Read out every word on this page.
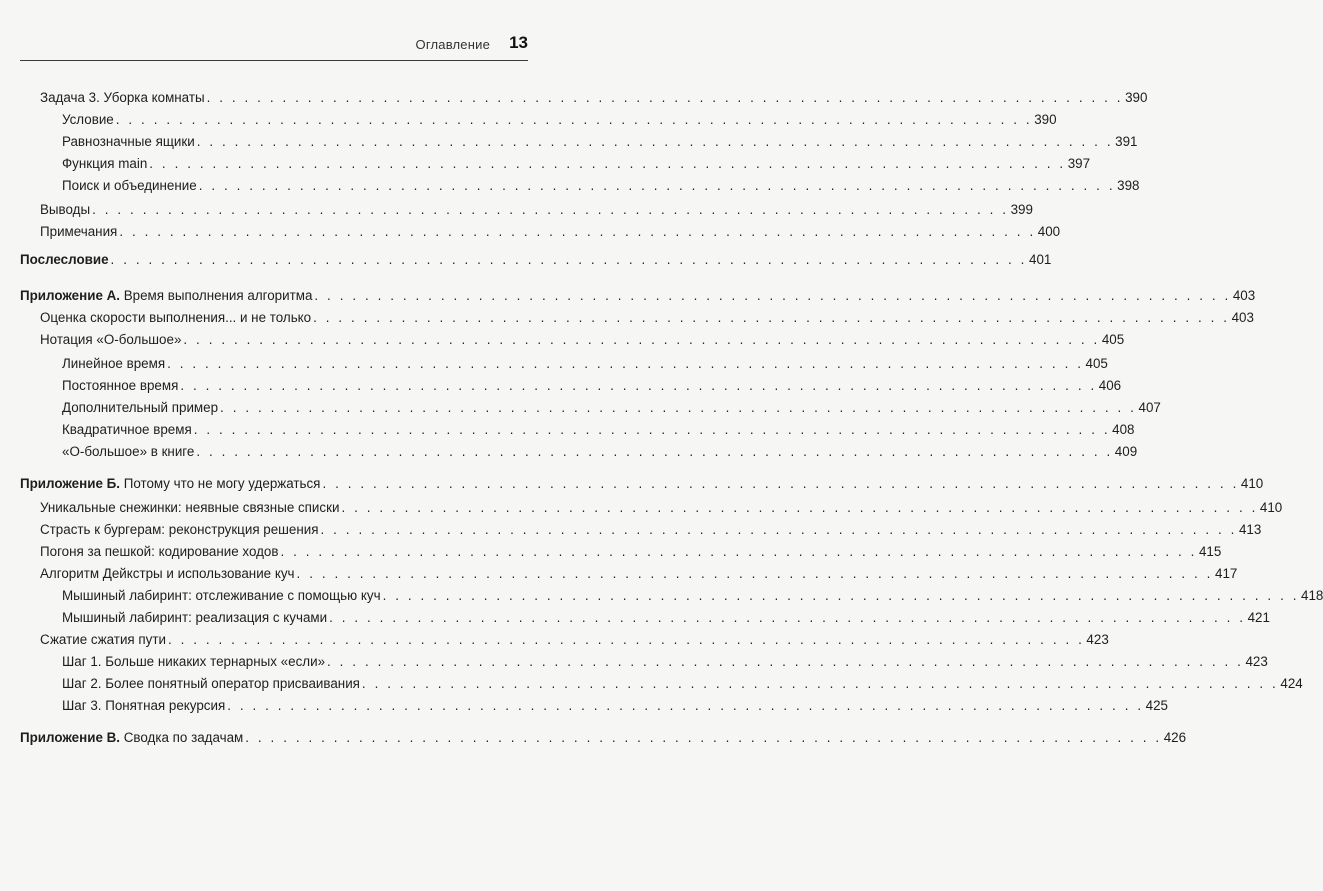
Оглавление 13
Задача 3. Уборка комнаты . . . . . . . . . . . . . . . . . . . . . . . . . . . . . . . . . . . . . . . . . . . . . . . . . . . . . . . . . . . . . . . . . . . . . . . . . 390
Условие . . . . . . . . . . . . . . . . . . . . . . . . . . . . . . . . . . . . . . . . . . . . . . . . . . . . . . . . . . . . . . . . . . . . . . . . . 390
Равнозначные ящики . . . . . . . . . . . . . . . . . . . . . . . . . . . . . . . . . . . . . . . . . . . . . . . . . . . . . . . . . . . . . . . . . . . . . . . . . 391
Функция main . . . . . . . . . . . . . . . . . . . . . . . . . . . . . . . . . . . . . . . . . . . . . . . . . . . . . . . . . . . . . . . . . . . . . . . . . 397
Поиск и объединение . . . . . . . . . . . . . . . . . . . . . . . . . . . . . . . . . . . . . . . . . . . . . . . . . . . . . . . . . . . . . . . . . . . . . . . . . 398
Выводы . . . . . . . . . . . . . . . . . . . . . . . . . . . . . . . . . . . . . . . . . . . . . . . . . . . . . . . . . . . . . . . . . . . . . . . . . 399
Примечания . . . . . . . . . . . . . . . . . . . . . . . . . . . . . . . . . . . . . . . . . . . . . . . . . . . . . . . . . . . . . . . . . . . . . . . . . 400
Послесловие . . . . . . . . . . . . . . . . . . . . . . . . . . . . . . . . . . . . . . . . . . . . . . . . . . . . . . . . . . . . . . . . . . . . . . . . . 401
Приложение А. Время выполнения алгоритма . . . . . . . . . . . . . . . . . . . . . . . . . . . . . . . . . . . . . . . . . . . . . . . . . . . . . . . . . . . . . . . . . . . . . . . . . 403
Оценка скорости выполнения... и не только . . . . . . . . . . . . . . . . . . . . . . . . . . . . . . . . . . . . . . . . . . . . . . . . . . . . . . . . . . . . . . . . . . . . . . . . . 403
Нотация «О-большое» . . . . . . . . . . . . . . . . . . . . . . . . . . . . . . . . . . . . . . . . . . . . . . . . . . . . . . . . . . . . . . . . . . . . . . . . . 405
Линейное время . . . . . . . . . . . . . . . . . . . . . . . . . . . . . . . . . . . . . . . . . . . . . . . . . . . . . . . . . . . . . . . . . . . . . . . . . 405
Постоянное время . . . . . . . . . . . . . . . . . . . . . . . . . . . . . . . . . . . . . . . . . . . . . . . . . . . . . . . . . . . . . . . . . . . . . . . . . 406
Дополнительный пример . . . . . . . . . . . . . . . . . . . . . . . . . . . . . . . . . . . . . . . . . . . . . . . . . . . . . . . . . . . . . . . . . . . . . . . . . 407
Квадратичное время . . . . . . . . . . . . . . . . . . . . . . . . . . . . . . . . . . . . . . . . . . . . . . . . . . . . . . . . . . . . . . . . . . . . . . . . . 408
«О-большое» в книге . . . . . . . . . . . . . . . . . . . . . . . . . . . . . . . . . . . . . . . . . . . . . . . . . . . . . . . . . . . . . . . . . . . . . . . . . 409
Приложение Б. Потому что не могу удержаться . . . . . . . . . . . . . . . . . . . . . . . . . . . . . . . . . . . . . . . . . . . . . . . . . . . . . . . . . . . . . . . . . . . . . . . . . 410
Уникальные снежинки: неявные связные списки . . . . . . . . . . . . . . . . . . . . . . . . . . . . . . . . . . . . . . . . . . . . . . . . . . . . . . . . . . . . . . . . . . . . . . . . . 410
Страсть к бургерам: реконструкция решения . . . . . . . . . . . . . . . . . . . . . . . . . . . . . . . . . . . . . . . . . . . . . . . . . . . . . . . . . . . . . . . . . . . . . . . . . 413
Погоня за пешкой: кодирование ходов . . . . . . . . . . . . . . . . . . . . . . . . . . . . . . . . . . . . . . . . . . . . . . . . . . . . . . . . . . . . . . . . . . . . . . . . . 415
Алгоритм Дейкстры и использование куч . . . . . . . . . . . . . . . . . . . . . . . . . . . . . . . . . . . . . . . . . . . . . . . . . . . . . . . . . . . . . . . . . . . . . . . . . 417
Мышиный лабиринт: отслеживание с помощью куч . . . . . . . . . . . . . . . . . . . . . . . . . . . . . . . . . . . . . . . . . . . . . . . . . . . . . . . . . . . . . . . . . . . . . . . . . 418
Мышиный лабиринт: реализация с кучами . . . . . . . . . . . . . . . . . . . . . . . . . . . . . . . . . . . . . . . . . . . . . . . . . . . . . . . . . . . . . . . . . . . . . . . . . 421
Сжатие сжатия пути . . . . . . . . . . . . . . . . . . . . . . . . . . . . . . . . . . . . . . . . . . . . . . . . . . . . . . . . . . . . . . . . . . . . . . . . . 423
Шаг 1. Больше никаких тернарных «если» . . . . . . . . . . . . . . . . . . . . . . . . . . . . . . . . . . . . . . . . . . . . . . . . . . . . . . . . . . . . . . . . . . . . . . . . . 423
Шаг 2. Более понятный оператор присваивания . . . . . . . . . . . . . . . . . . . . . . . . . . . . . . . . . . . . . . . . . . . . . . . . . . . . . . . . . . . . . . . . . . . . . . . . . 424
Шаг 3. Понятная рекурсия . . . . . . . . . . . . . . . . . . . . . . . . . . . . . . . . . . . . . . . . . . . . . . . . . . . . . . . . . . . . . . . . . . . . . . . . . 425
Приложение В. Сводка по задачам . . . . . . . . . . . . . . . . . . . . . . . . . . . . . . . . . . . . . . . . . . . . . . . . . . . . . . . . . . . . . . . . . . . . . . . . . 426
